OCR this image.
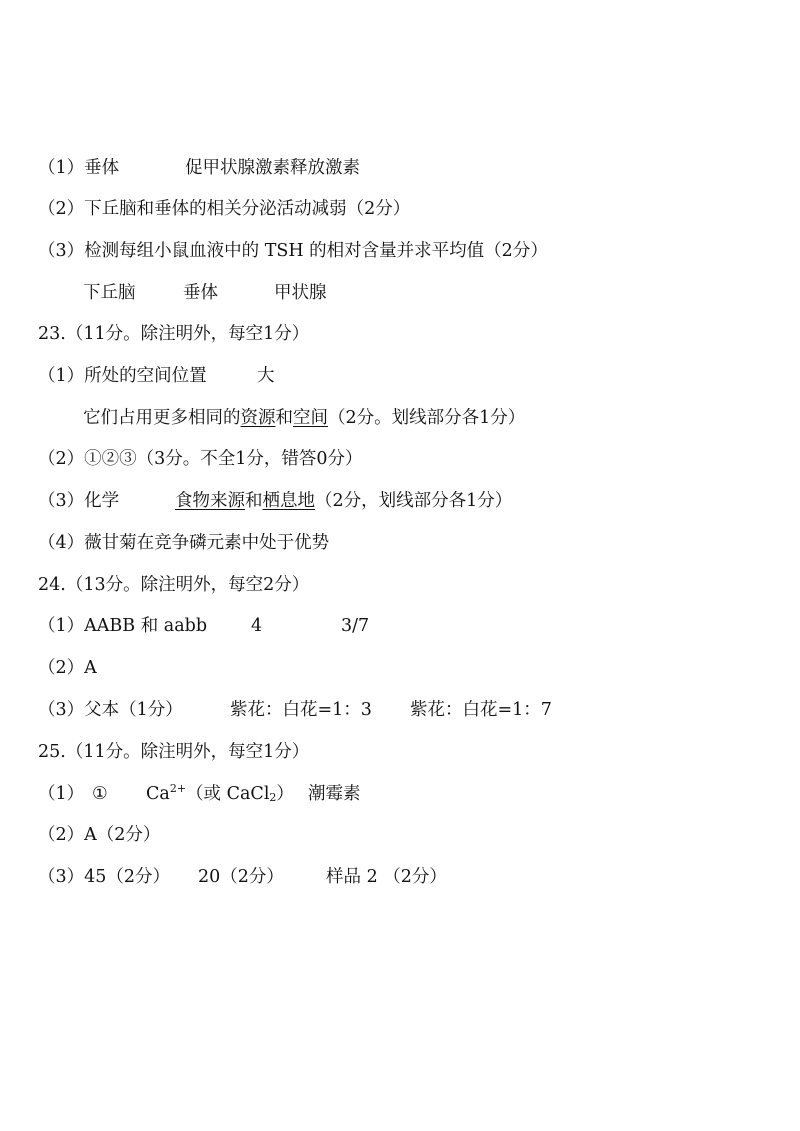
（1）垂体	促甲状腺激素释放激素
（2）下丘脑和垂体的相关分泌活动减弱（2分）
（3）检测每组小鼠血液中的 TSH 的相对含量并求平均值（2分）
下丘脑	垂体	甲状腺
23.（11分。除注明外，每空1分）
（1）所处的空间位置	大
它们占用更多相同的资源和空间（2分。划线部分各1分）
（2）①②③（3分。不全1分，错答0分）
（3）化学	食物来源和栖息地（2分，划线部分各1分）
（4）薇甘菊在竞争磷元素中处于优势
24.（13分。除注明外，每空2分）
（1）AABB 和 aabb	4	3/7
（2）A
（3）父本（1分）	紫花：白花=1：3 紫花：白花=1：7
25.（11分。除注明外，每空1分）
（1） ① $Ca^{2+}$（或 CaCl$_2$） 潮霉素
（2）A（2分）
（3）45（2分） 20（2分） 样品 2 （2分）
